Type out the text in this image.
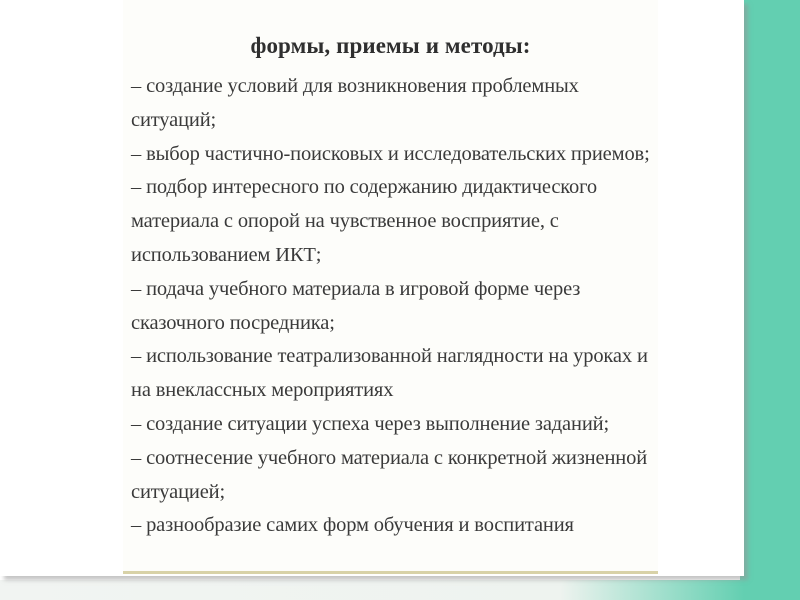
формы, приемы и методы:
– создание условий для возникновения проблемных
ситуаций;
– выбор частично-поисковых и исследовательских приемов;
– подбор интересного по содержанию дидактического
материала с опорой на чувственное восприятие, с
использованием ИКТ;
– подача учебного материала в игровой форме через
сказочного посредника;
– использование театрализованной наглядности на уроках и
на внеклассных мероприятиях
– создание ситуации успеха через выполнение заданий;
– соотнесение учебного материала с конкретной жизненной
ситуацией;
– разнообразие самих форм обучения и воспитания
